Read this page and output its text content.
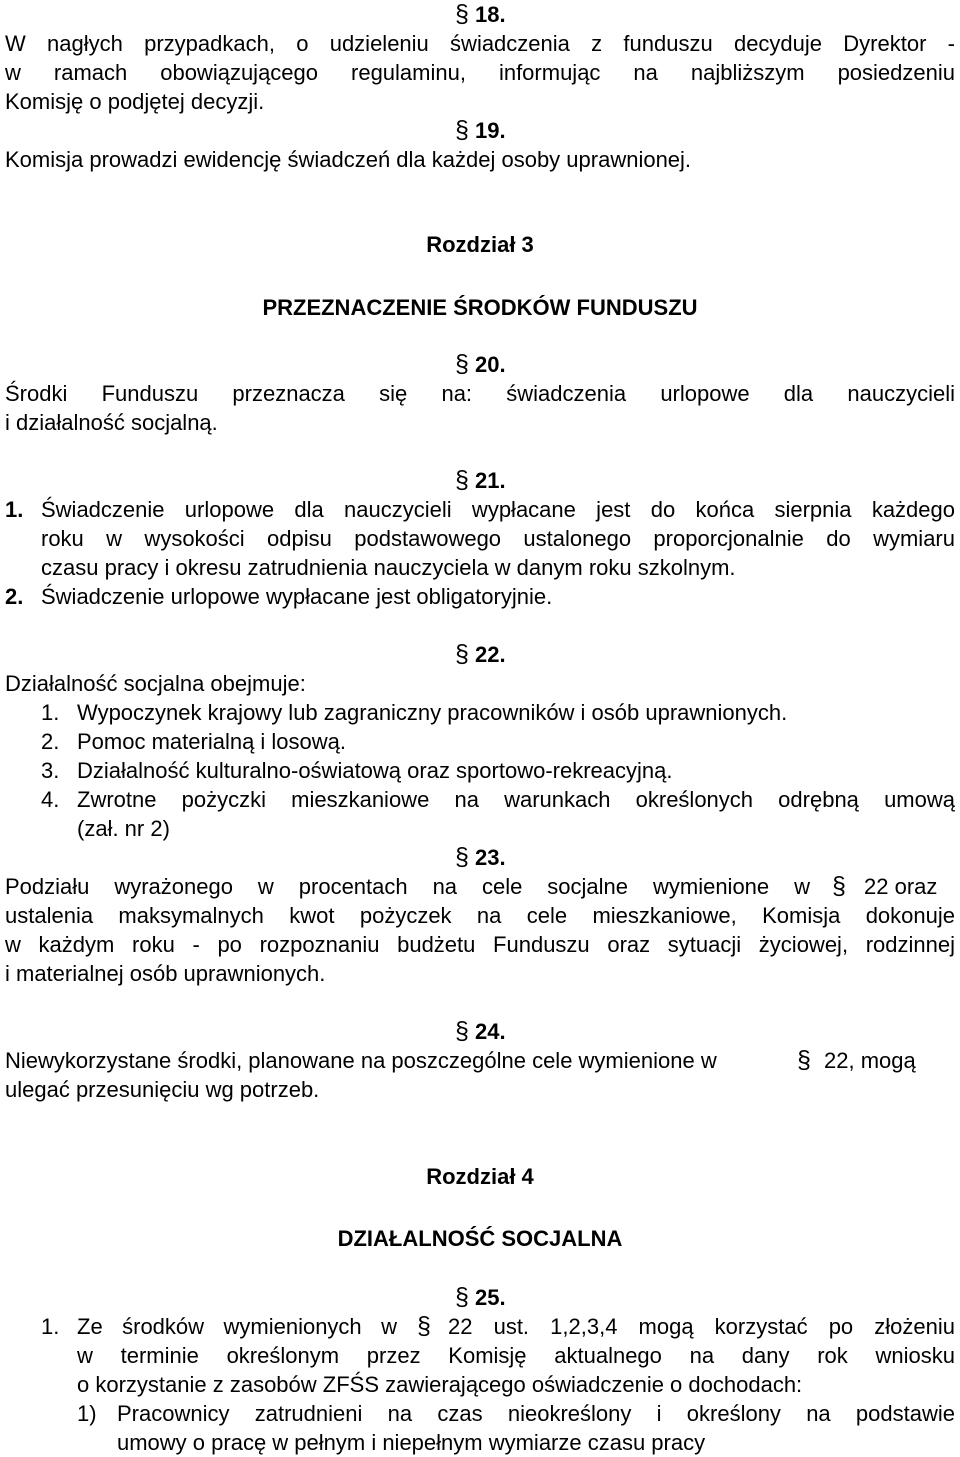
§ 18.
W nagłych przypadkach, o udzieleniu świadczenia z funduszu decyduje Dyrektor -
w ramach obowiązującego regulaminu, informując na najbliższym posiedzeniu
Komisję o podjętej decyzji.
§ 19.
Komisja prowadzi ewidencję świadczeń dla każdej osoby uprawnionej.
Rozdział 3
PRZEZNACZENIE ŚRODKÓW FUNDUSZU
§ 20.
Środki Funduszu przeznacza się na: świadczenia urlopowe dla nauczycieli
i działalność socjalną.
§ 21.
1. Świadczenie urlopowe dla nauczycieli wypłacane jest do końca sierpnia każdego
roku w wysokości odpisu podstawowego ustalonego proporcjonalnie do wymiaru
czasu pracy i okresu zatrudnienia nauczyciela w danym roku szkolnym.
2. Świadczenie urlopowe wypłacane jest obligatoryjnie.
§ 22.
Działalność socjalna obejmuje:
1. Wypoczynek krajowy lub zagraniczny pracowników i osób uprawnionych.
2. Pomoc materialną i losową.
3. Działalność kulturalno-oświatową oraz sportowo-rekreacyjną.
4. Zwrotne pożyczki mieszkaniowe na warunkach określonych odrębną umową
(zał. nr 2)
§ 23.
Podziału wyrażonego w procentach na cele socjalne wymienione w § 22 oraz
ustalenia maksymalnych kwot pożyczek na cele mieszkaniowe, Komisja dokonuje
w każdym roku - po rozpoznaniu budżetu Funduszu oraz sytuacji życiowej, rodzinnej
i materialnej osób uprawnionych.
§ 24.
Niewykorzystane środki, planowane na poszczególne cele wymienione w	§ 22, mogą
ulegać przesunięciu wg potrzeb.
Rozdział 4
DZIAŁALNOŚĆ SOCJALNA
§ 25.
1. Ze środków wymienionych w § 22 ust. 1,2,3,4 mogą korzystać po złożeniu
w terminie określonym przez Komisję aktualnego na dany rok wniosku
o korzystanie z zasobów ZFŚS zawierającego oświadczenie o dochodach:
1) Pracownicy zatrudnieni na czas nieokreślony i określony na podstawie
umowy o pracę w pełnym i niepełnym wymiarze czasu pracy
